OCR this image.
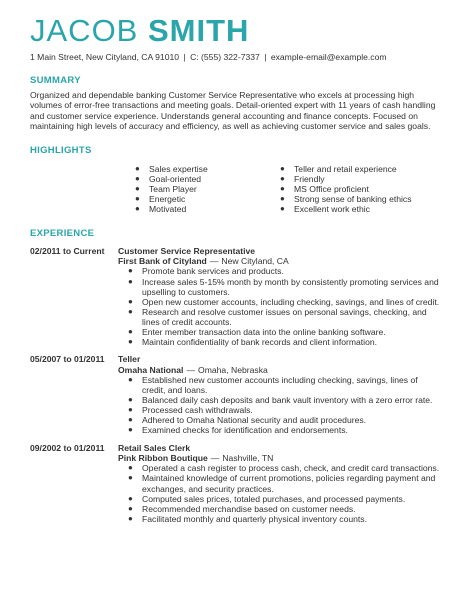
JACOB SMITH
1 Main Street, New Cityland, CA 91010 | C: (555) 322-7337 | example-email@example.com
SUMMARY
Organized and dependable banking Customer Service Representative who excels at processing high volumes of error-free transactions and meeting goals. Detail-oriented expert with 11 years of cash handling and customer service experience. Understands general accounting and finance concepts. Focused on maintaining high levels of accuracy and efficiency, as well as achieving customer service and sales goals.
HIGHLIGHTS
●	Sales expertise
●	Goal-oriented
●	Team Player
●	Energetic
●	Motivated
●	Teller and retail experience
●	Friendly
●	MS Office proficient
●	Strong sense of banking ethics
●	Excellent work ethic
EXPERIENCE
02/2011 to Current	Customer Service Representative
First Bank of Cityland — New Cityland, CA
●	Promote bank services and products.
●	Increase sales 5-15% month by month by consistently promoting services and upselling to customers.
●	Open new customer accounts, including checking, savings, and lines of credit.
●	Research and resolve customer issues on personal savings, checking, and lines of credit accounts.
●	Enter member transaction data into the online banking software.
●	Maintain confidentiality of bank records and client information.
05/2007 to 01/2011	Teller
Omaha National — Omaha, Nebraska
●	Established new customer accounts including checking, savings, lines of credit, and loans.
●	Balanced daily cash deposits and bank vault inventory with a zero error rate.
●	Processed cash withdrawals.
●	Adhered to Omaha National security and audit procedures.
●	Examined checks for identification and endorsements.
09/2002 to 01/2011	Retail Sales Clerk
Pink Ribbon Boutique — Nashville, TN
●	Operated a cash register to process cash, check, and credit card transactions.
●	Maintained knowledge of current promotions, policies regarding payment and exchanges, and security practices.
●	Computed sales prices, totaled purchases, and processed payments.
●	Recommended merchandise based on customer needs.
●	Facilitated monthly and quarterly physical inventory counts.
